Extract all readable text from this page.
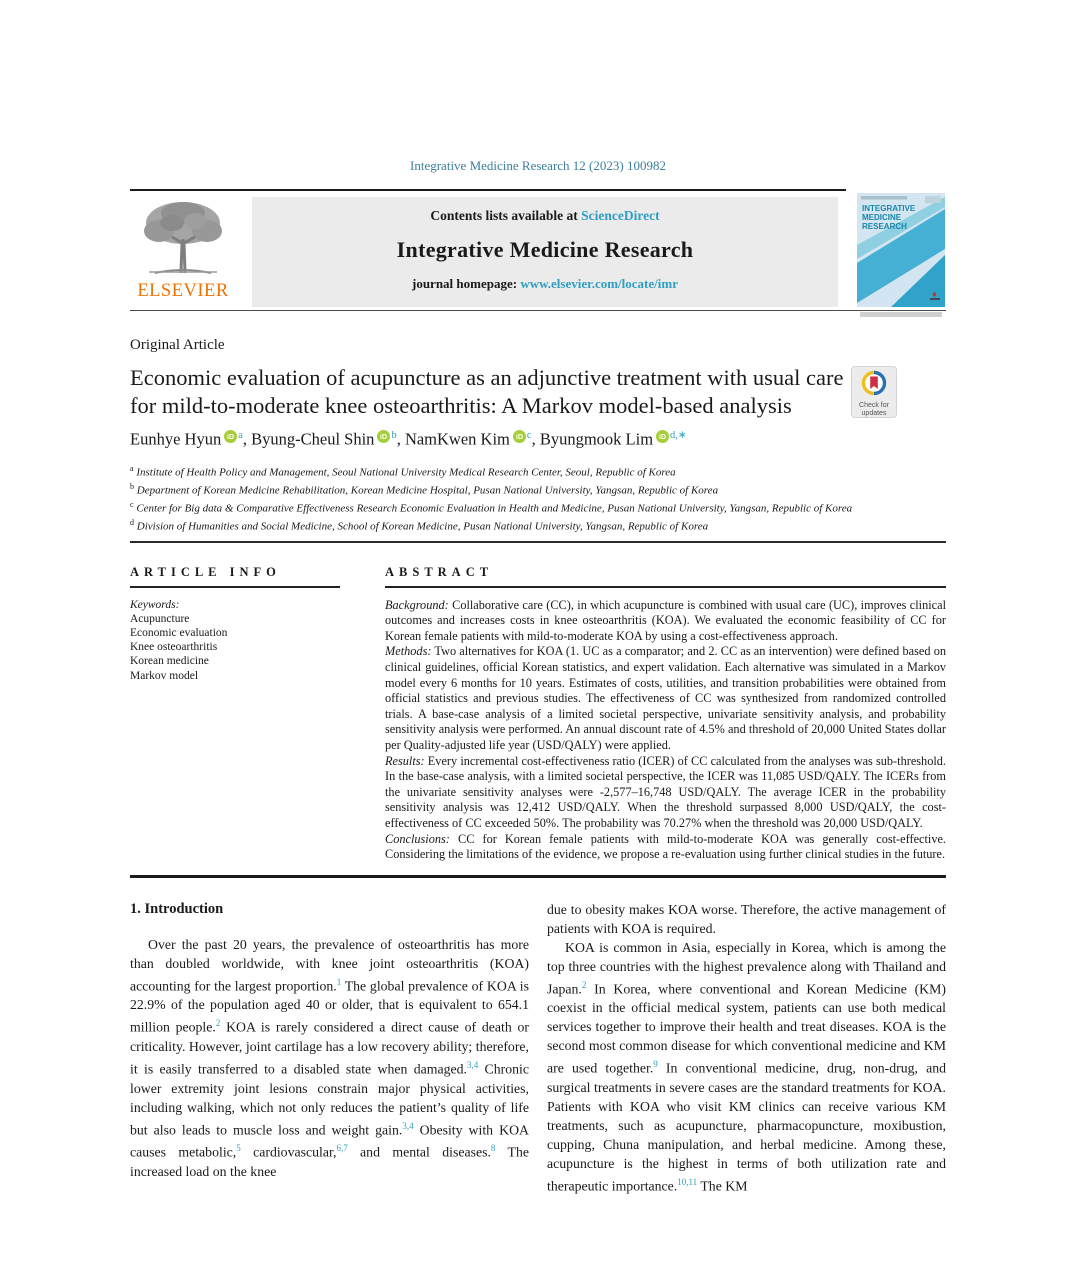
Integrative Medicine Research 12 (2023) 100982
ELSEVIER
Contents lists available at ScienceDirect
Integrative Medicine Research
journal homepage: www.elsevier.com/locate/imr
INTEGRATIVE
MEDICINE
RESEARCH
Original Article
Economic evaluation of acupuncture as an adjunctive treatment with usual care for mild-to-moderate knee osteoarthritis: A Markov model-based analysis	Check for
updates
Eunhye Hyun iD $^a$, Byung-Cheul Shin iD $^b$, NamKwen Kim iD $^c$, Byungmook Lim iD $^{d,∗}$
$^a$ Institute of Health Policy and Management, Seoul National University Medical Research Center, Seoul, Republic of Korea
$^b$ Department of Korean Medicine Rehabilitation, Korean Medicine Hospital, Pusan National University, Yangsan, Republic of Korea
$^c$ Center for Big data & Comparative Effectiveness Research Economic Evaluation in Health and Medicine, Pusan National University, Yangsan, Republic of Korea
$^d$ Division of Humanities and Social Medicine, School of Korean Medicine, Pusan National University, Yangsan, Republic of Korea
ARTICLE INFO
Keywords:
Acupuncture
Economic evaluation
Knee osteoarthritis
Korean medicine
Markov model
ABSTRACT

Background: Collaborative care (CC), in which acupuncture is combined with usual care (UC), improves clinical outcomes and increases costs in knee osteoarthritis (KOA). We evaluated the economic feasibility of CC for Korean female patients with mild-to-moderate KOA by using a cost-effectiveness approach.

Methods: Two alternatives for KOA (1. UC as a comparator; and 2. CC as an intervention) were defined based on clinical guidelines, official Korean statistics, and expert validation. Each alternative was simulated in a Markov model every 6 months for 10 years. Estimates of costs, utilities, and transition probabilities were obtained from official statistics and previous studies. The effectiveness of CC was synthesized from randomized controlled trials. A base-case analysis of a limited societal perspective, univariate sensitivity analysis, and probability sensitivity analysis were performed. An annual discount rate of 4.5% and threshold of 20,000 United States dollar per Quality-adjusted life year (USD/QALY) were applied.

Results: Every incremental cost-effectiveness ratio (ICER) of CC calculated from the analyses was sub-threshold. In the base-case analysis, with a limited societal perspective, the ICER was 11,085 USD/QALY. The ICERs from the univariate sensitivity analyses were -2,577–16,748 USD/QALY. The average ICER in the probability sensitivity analysis was 12,412 USD/QALY. When the threshold surpassed 8,000 USD/QALY, the cost-effectiveness of CC exceeded 50%. The probability was 70.27% when the threshold was 20,000 USD/QALY.

Conclusions: CC for Korean female patients with mild-to-moderate KOA was generally cost-effective. Considering the limitations of the evidence, we propose a re-evaluation using further clinical studies in the future.

1. Introduction

Over the past 20 years, the prevalence of osteoarthritis has more than doubled worldwide, with knee joint osteoarthritis (KOA) accounting for the largest proportion.$^1$ The global prevalence of KOA is 22.9% of the population aged 40 or older, that is equivalent to 654.1 million people.$^2$ KOA is rarely considered a direct cause of death or criticality. However, joint cartilage has a low recovery ability; therefore, it is easily transferred to a disabled state when damaged.$^{3,4}$ Chronic lower extremity joint lesions constrain major physical activities, including walking, which not only reduces the patient’s quality of life but also leads to muscle loss and weight gain.$^{3,4}$ Obesity with KOA causes metabolic,$^5$ cardiovascular,$^{6,7}$ and mental diseases.$^8$ The increased load on the knee

due to obesity makes KOA worse. Therefore, the active management of patients with KOA is required.

KOA is common in Asia, especially in Korea, which is among the top three countries with the highest prevalence along with Thailand and Japan.$^2$ In Korea, where conventional and Korean Medicine (KM) coexist in the official medical system, patients can use both medical services together to improve their health and treat diseases. KOA is the second most common disease for which conventional medicine and KM are used together.$^9$ In conventional medicine, drug, non-drug, and surgical treatments in severe cases are the standard treatments for KOA. Patients with KOA who visit KM clinics can receive various KM treatments, such as acupuncture, pharmacopuncture, moxibustion, cupping, Chuna manipulation, and herbal medicine. Among these, acupuncture is the highest in terms of both utilization rate and therapeutic importance.$^{10,11}$ The KM
